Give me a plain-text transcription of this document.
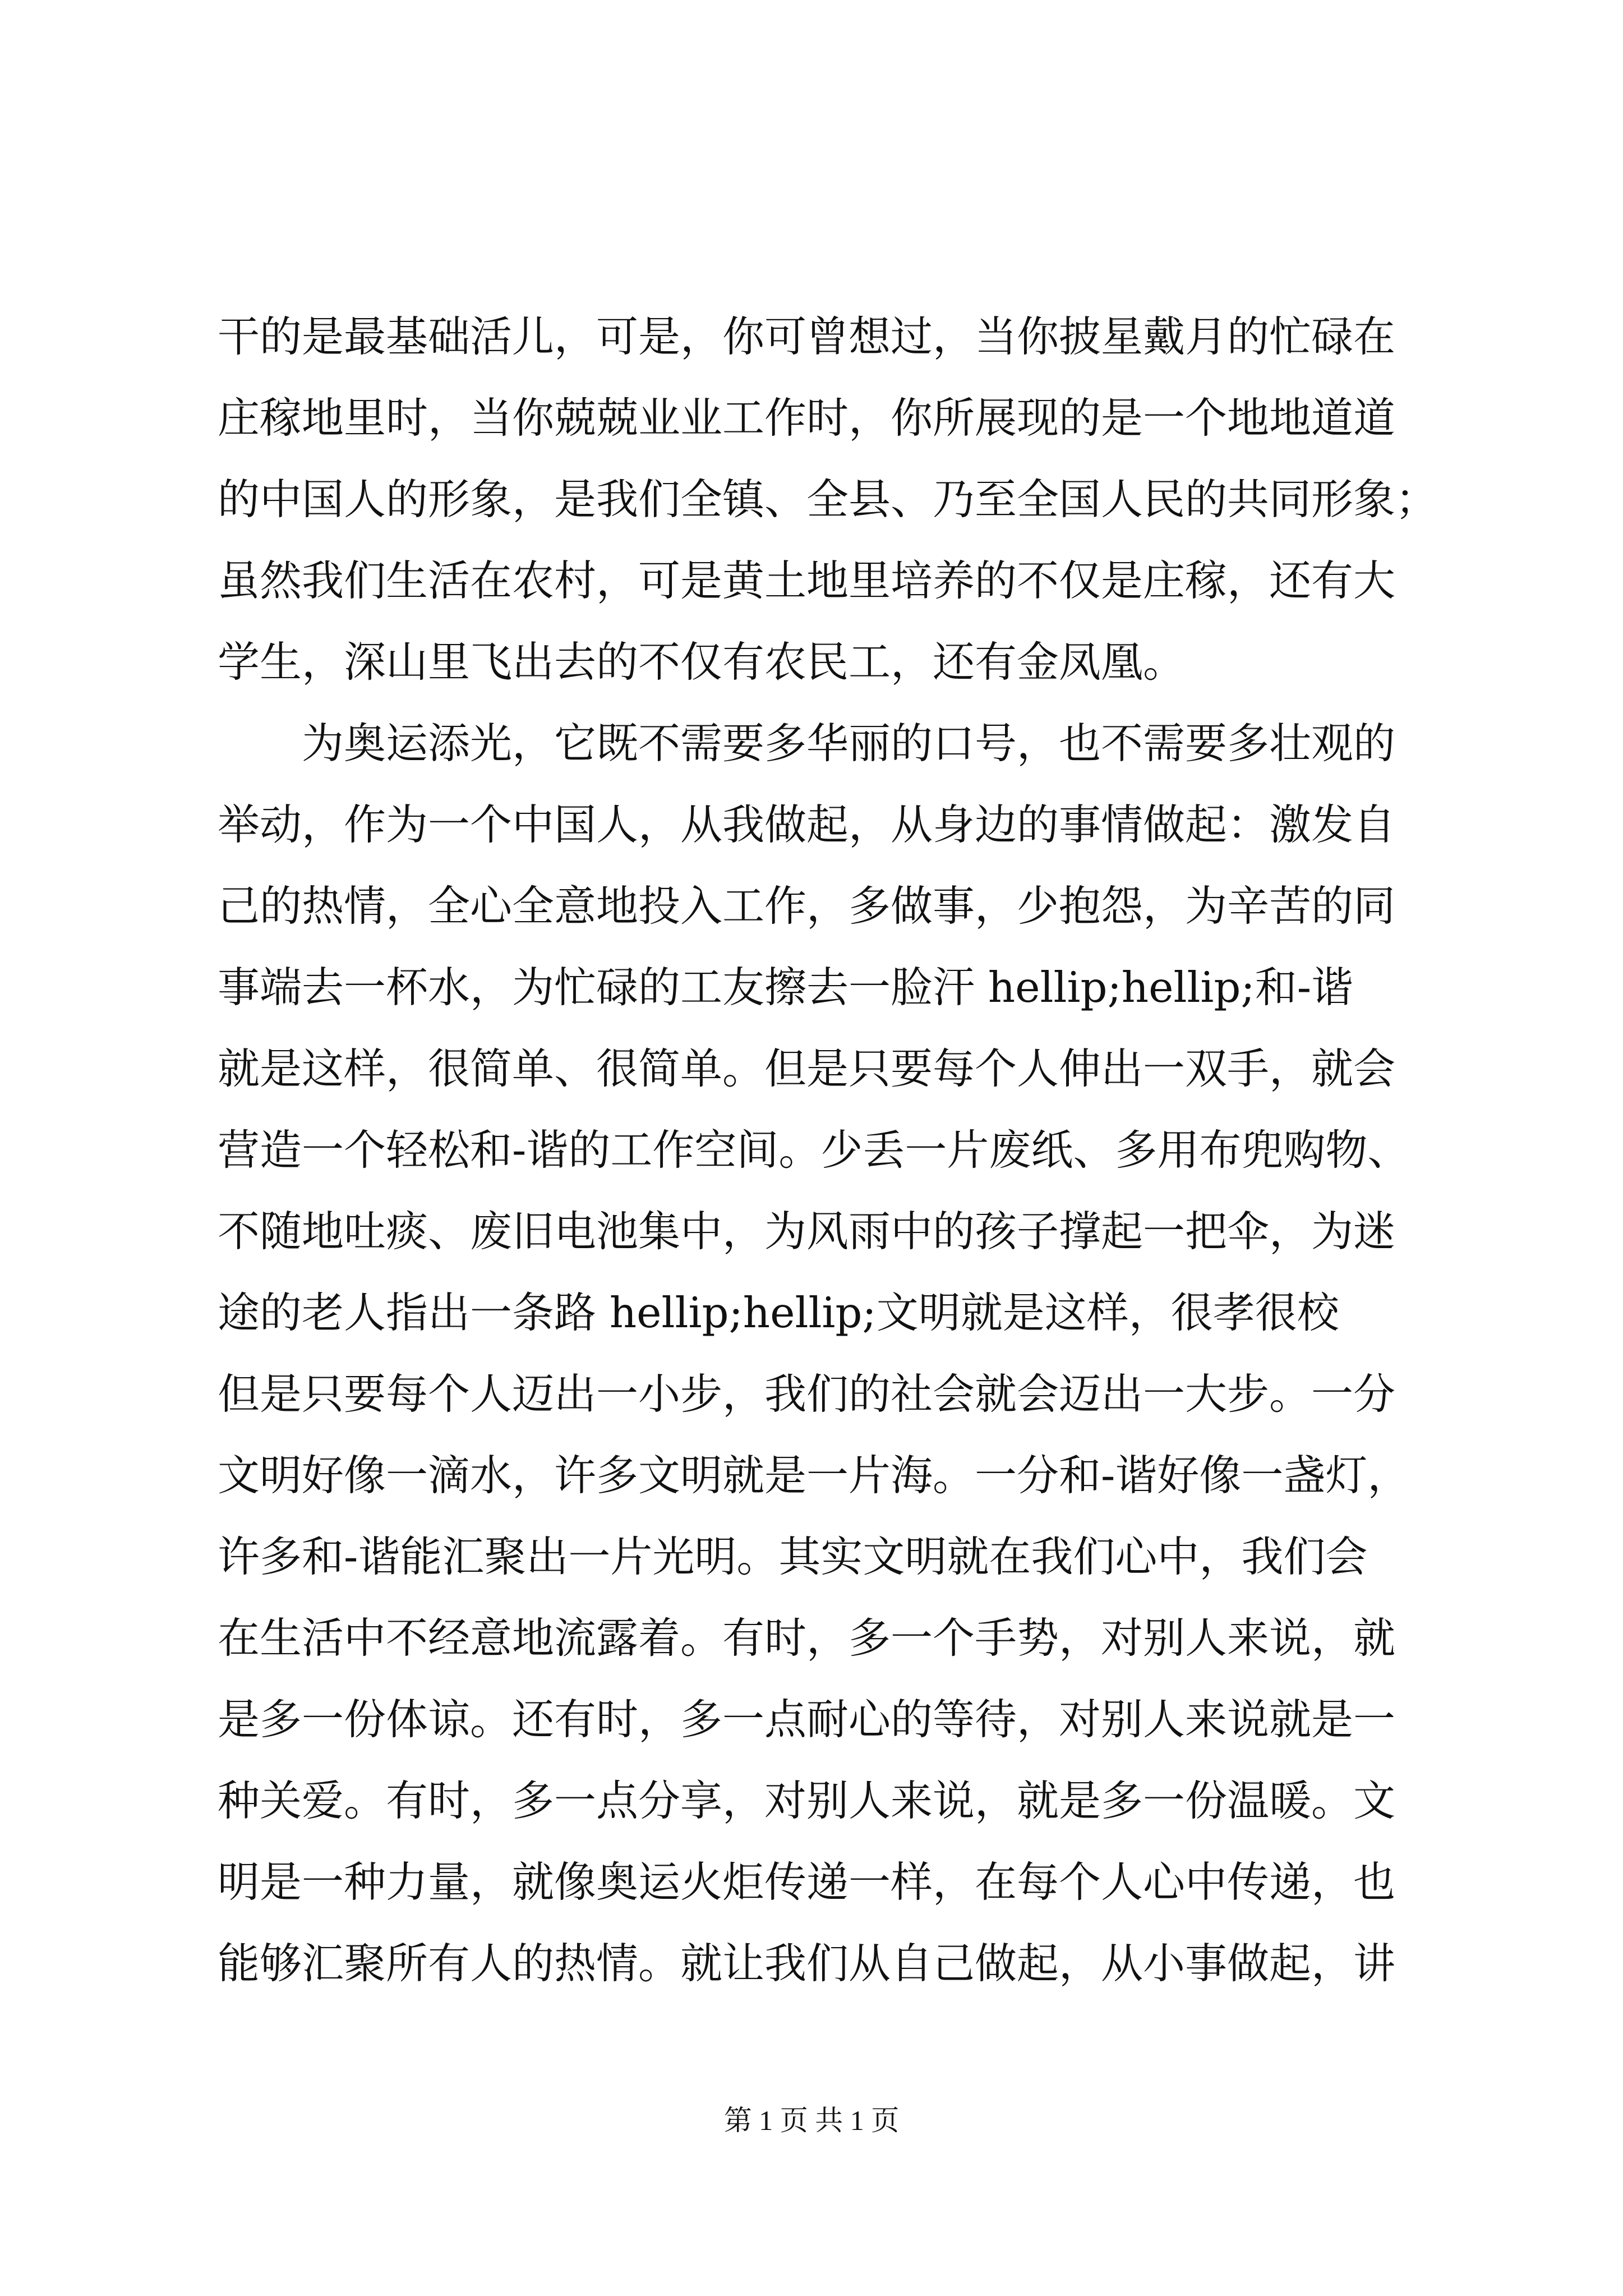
干的是最基础活儿，可是，你可曾想过，当你披星戴月的忙碌在
庄稼地里时，当你兢兢业业工作时，你所展现的是一个地地道道
的中国人的形象，是我们全镇、全县、乃至全国人民的共同形象；
虽然我们生活在农村，可是黄土地里培养的不仅是庄稼，还有大
学生，深山里飞出去的不仅有农民工，还有金凤凰。
为奥运添光，它既不需要多华丽的口号，也不需要多壮观的
举动，作为一个中国人，从我做起，从身边的事情做起：激发自
己的热情，全心全意地投入工作，多做事，少抱怨，为辛苦的同
事端去一杯水，为忙碌的工友擦去一脸汗 hellip;hellip;和-谐
就是这样，很简单、很简单。但是只要每个人伸出一双手，就会
营造一个轻松和-谐的工作空间。少丢一片废纸、多用布兜购物、
不随地吐痰、废旧电池集中，为风雨中的孩子撑起一把伞，为迷
途的老人指出一条路 hellip;hellip;文明就是这样，很孝很校
但是只要每个人迈出一小步，我们的社会就会迈出一大步。一分
文明好像一滴水，许多文明就是一片海。一分和-谐好像一盏灯，
许多和-谐能汇聚出一片光明。其实文明就在我们心中，我们会
在生活中不经意地流露着。有时，多一个手势，对别人来说，就
是多一份体谅。还有时，多一点耐心的等待，对别人来说就是一
种关爱。有时，多一点分享，对别人来说，就是多一份温暖。文
明是一种力量，就像奥运火炬传递一样，在每个人心中传递，也
能够汇聚所有人的热情。就让我们从自己做起，从小事做起，讲
第 1 页 共 1 页
